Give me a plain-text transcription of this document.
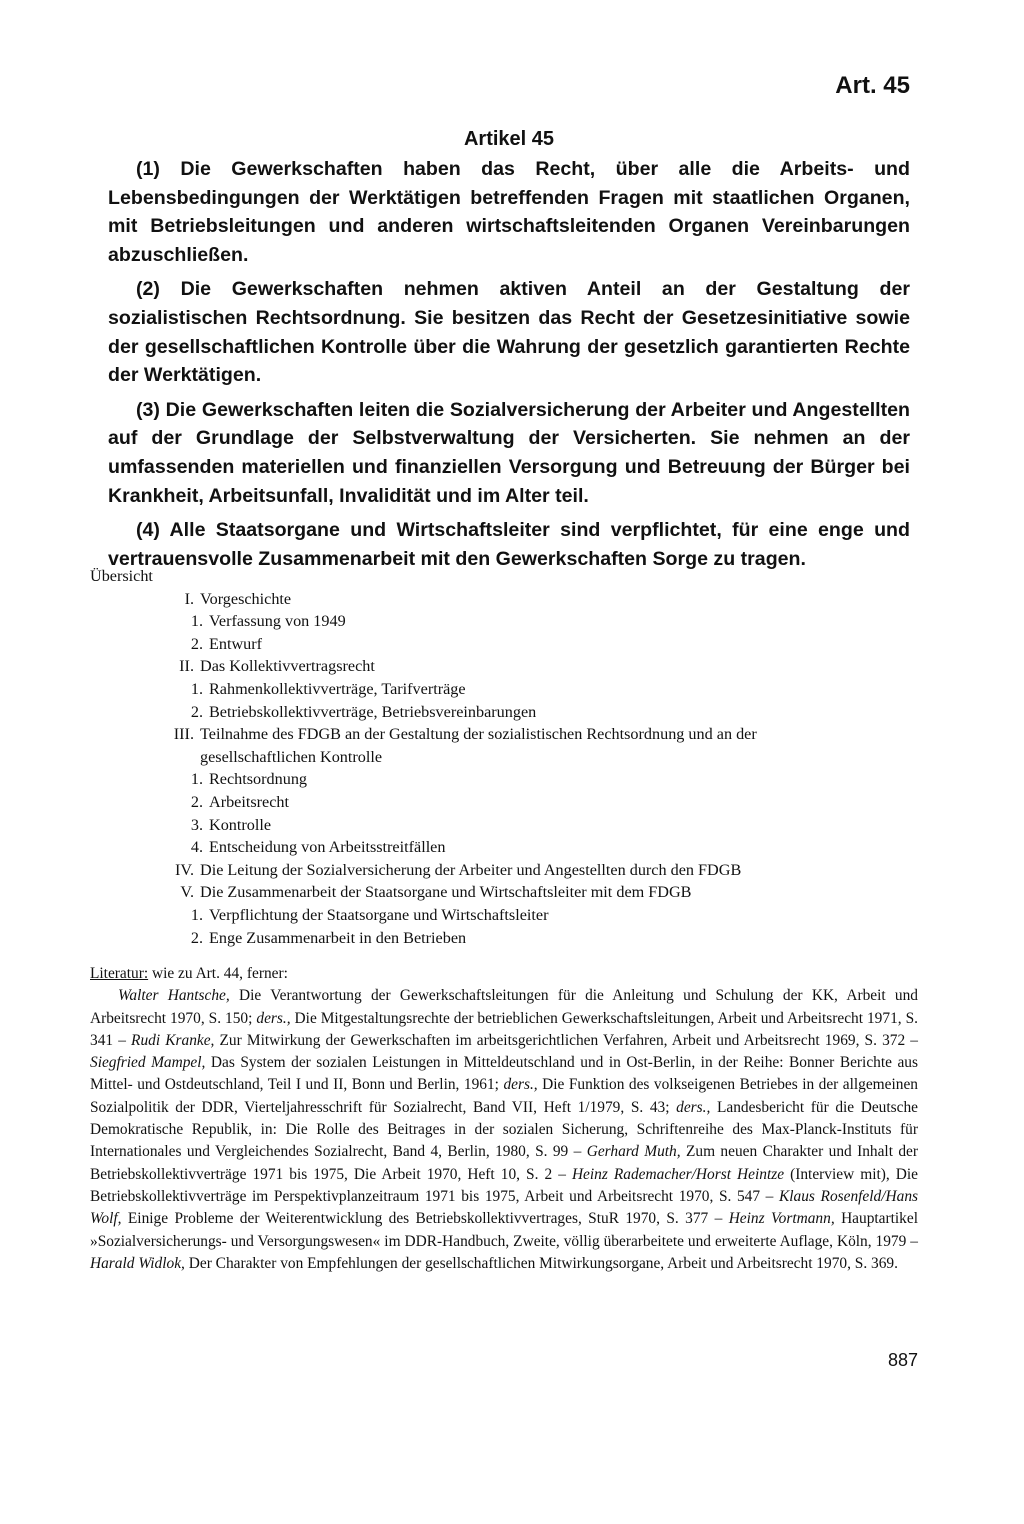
Art. 45
Artikel 45

(1) Die Gewerkschaften haben das Recht, über alle die Arbeits- und Lebensbedingungen der Werktätigen betreffenden Fragen mit staatlichen Organen, mit Betriebsleitungen und anderen wirtschaftsleitenden Organen Vereinbarungen abzuschließen.

(2) Die Gewerkschaften nehmen aktiven Anteil an der Gestaltung der sozialistischen Rechtsordnung. Sie besitzen das Recht der Gesetzesinitiative sowie der gesellschaftlichen Kontrolle über die Wahrung der gesetzlich garantierten Rechte der Werktätigen.

(3) Die Gewerkschaften leiten die Sozialversicherung der Arbeiter und Angestellten auf der Grundlage der Selbstverwaltung der Versicherten. Sie nehmen an der umfassenden materiellen und finanziellen Versorgung und Betreuung der Bürger bei Krankheit, Arbeitsunfall, Invalidität und im Alter teil.

(4) Alle Staatsorgane und Wirtschaftsleiter sind verpflichtet, für eine enge und vertrauensvolle Zusammenarbeit mit den Gewerkschaften Sorge zu tragen.

Übersicht
I. Vorgeschichte
1. Verfassung von 1949
2. Entwurf
II. Das Kollektivvertragsrecht
1. Rahmenkollektivverträge, Tarifverträge
2. Betriebskollektivverträge, Betriebsvereinbarungen
III. Teilnahme des FDGB an der Gestaltung der sozialistischen Rechtsordnung und an der
gesellschaftlichen Kontrolle
1. Rechtsordnung
2. Arbeitsrecht
3. Kontrolle
4. Entscheidung von Arbeitsstreitfällen
IV. Die Leitung der Sozialversicherung der Arbeiter und Angestellten durch den FDGB
V. Die Zusammenarbeit der Staatsorgane und Wirtschaftsleiter mit dem FDGB
1. Verpflichtung der Staatsorgane und Wirtschaftsleiter
2. Enge Zusammenarbeit in den Betrieben

Literatur: wie zu Art. 44, ferner:

Walter Hantsche, Die Verantwortung der Gewerkschaftsleitungen für die Anleitung und Schulung der KK, Arbeit und Arbeitsrecht 1970, S. 150; ders., Die Mitgestaltungsrechte der betrieblichen Gewerkschaftsleitungen, Arbeit und Arbeitsrecht 1971, S. 341 – Rudi Kranke, Zur Mitwirkung der Gewerkschaften im arbeitsgerichtlichen Verfahren, Arbeit und Arbeitsrecht 1969, S. 372 – Siegfried Mampel, Das System der sozialen Leistungen in Mitteldeutschland und in Ost-Berlin, in der Reihe: Bonner Berichte aus Mittel- und Ostdeutschland, Teil I und II, Bonn und Berlin, 1961; ders., Die Funktion des volkseigenen Betriebes in der allgemeinen Sozialpolitik der DDR, Vierteljahresschrift für Sozialrecht, Band VII, Heft 1/1979, S. 43; ders., Landesbericht für die Deutsche Demokratische Republik, in: Die Rolle des Beitrages in der sozialen Sicherung, Schriftenreihe des Max-Planck-Instituts für Internationales und Vergleichendes Sozialrecht, Band 4, Berlin, 1980, S. 99 – Gerhard Muth, Zum neuen Charakter und Inhalt der Betriebskollektivverträge 1971 bis 1975, Die Arbeit 1970, Heft 10, S. 2 – Heinz Rademacher/Horst Heintze (Interview mit), Die Betriebskollektivverträge im Perspektivplanzeitraum 1971 bis 1975, Arbeit und Arbeitsrecht 1970, S. 547 – Klaus Rosenfeld/Hans Wolf, Einige Probleme der Weiterentwicklung des Betriebskollektivvertrages, StuR 1970, S. 377 – Heinz Vortmann, Hauptartikel »Sozialversicherungs- und Versorgungswesen« im DDR-Handbuch, Zweite, völlig überarbeitete und erweiterte Auflage, Köln, 1979 – Harald Widlok, Der Charakter von Empfehlungen der gesellschaftlichen Mitwirkungsorgane, Arbeit und Arbeitsrecht 1970, S. 369.

887
